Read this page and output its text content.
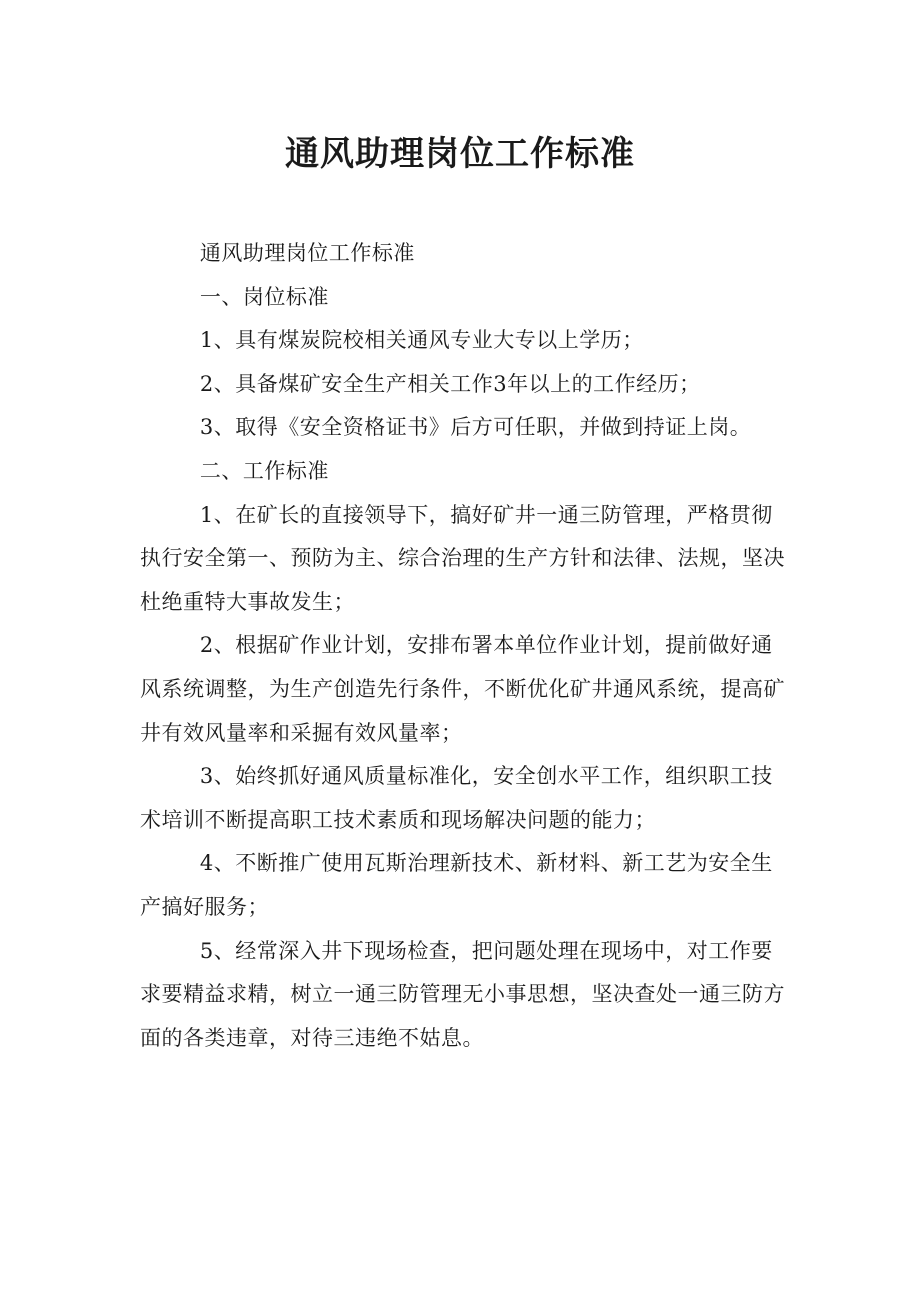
通风助理岗位工作标准

通风助理岗位工作标准

一、岗位标准

1、具有煤炭院校相关通风专业大专以上学历；

2、具备煤矿安全生产相关工作3年以上的工作经历；

3、取得《安全资格证书》后方可任职，并做到持证上岗。

二、工作标准

1、在矿长的直接领导下，搞好矿井一通三防管理，严格贯彻执行安全第一、预防为主、综合治理的生产方针和法律、法规，坚决杜绝重特大事故发生；

2、根据矿作业计划，安排布署本单位作业计划，提前做好通风系统调整，为生产创造先行条件，不断优化矿井通风系统，提高矿井有效风量率和采掘有效风量率；

3、始终抓好通风质量标准化，安全创水平工作，组织职工技术培训不断提高职工技术素质和现场解决问题的能力；

4、不断推广使用瓦斯治理新技术、新材料、新工艺为安全生产搞好服务；

5、经常深入井下现场检查，把问题处理在现场中，对工作要求要精益求精，树立一通三防管理无小事思想，坚决查处一通三防方面的各类违章，对待三违绝不姑息。
